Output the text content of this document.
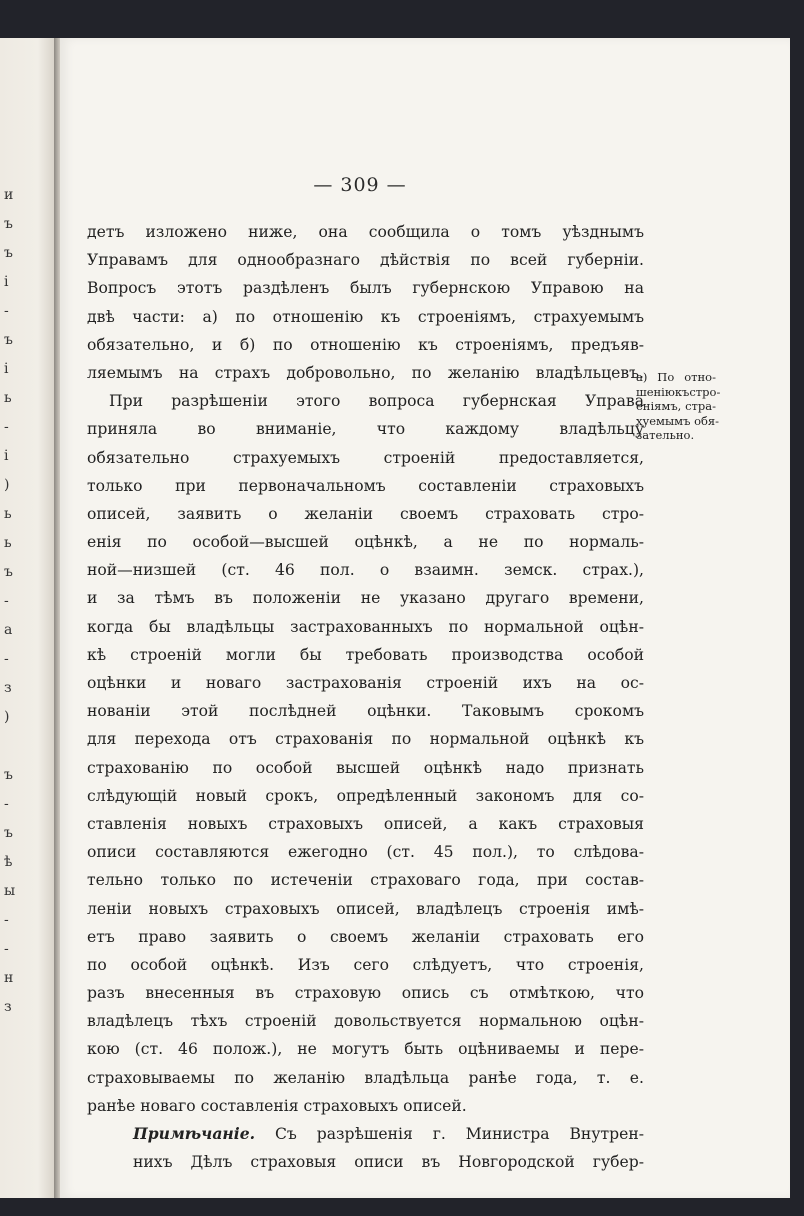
и
ъ
ъ
і
-
ъ
і
ь
-
і
)
ь
ь
ъ
-
а
-
з
)
ъ
-
ъ
ѣ
ы
-
-
н
з
— 309 —
детъ изложено ниже, она сообщила о томъ уѣзднымъ
Управамъ для однообразнаго дѣйствія по всей губерніи.
Вопросъ этотъ раздѣленъ былъ губернскою Управою на
двѣ части: а) по отношенію къ строеніямъ, страхуемымъ
обязательно, и б) по отношенію къ строеніямъ, предъяв-
ляемымъ на страхъ добровольно, по желанію владѣльцевъ.
При разрѣшеніи этого вопроса губернская Управа
приняла во вниманіе, что каждому владѣльцу
обязательно страхуемыхъ строеній предоставляется,
только при первоначальномъ составленіи страховыхъ
описей, заявить о желаніи своемъ страховать стро-
енія по особой—высшей оцѣнкѣ, а не по нормаль-
ной—низшей (ст. 46 пол. о взаимн. земск. страх.),
и за тѣмъ въ положеніи не указано другаго времени,
когда бы владѣльцы застрахованныхъ по нормальной оцѣн-
кѣ строеній могли бы требовать производства особой
оцѣнки и новаго застрахованія строеній ихъ на ос-
нованіи этой послѣдней оцѣнки. Таковымъ срокомъ
для перехода отъ страхованія по нормальной оцѣнкѣ къ
страхованію по особой высшей оцѣнкѣ надо признать
слѣдующій новый срокъ, опредѣленный закономъ для со-
ставленія новыхъ страховыхъ описей, а какъ страховыя
описи составляются ежегодно (ст. 45 пол.), то слѣдова-
тельно только по истеченіи страховаго года, при состав-
леніи новыхъ страховыхъ описей, владѣлецъ строенія имѣ-
етъ право заявить о своемъ желаніи страховать его
по особой оцѣнкѣ. Изъ сего слѣдуетъ, что строенія,
разъ внесенныя въ страховую опись съ отмѣткою, что
владѣлецъ тѣхъ строеній довольствуется нормальною оцѣн-
кою (ст. 46 полож.), не могутъ быть оцѣниваемы и пере-
страховываемы по желанію владѣльца ранѣе года, т. е.
ранѣе новаго составленія страховыхъ описей.
Примѣчаніе. Съ разрѣшенія г. Министра Внутрен-
нихъ Дѣлъ страховыя описи въ Новгородской губер-
а) По отно-
шеніюкъстро-
еніямъ, стра-
хуемымъ обя-
зательно.
